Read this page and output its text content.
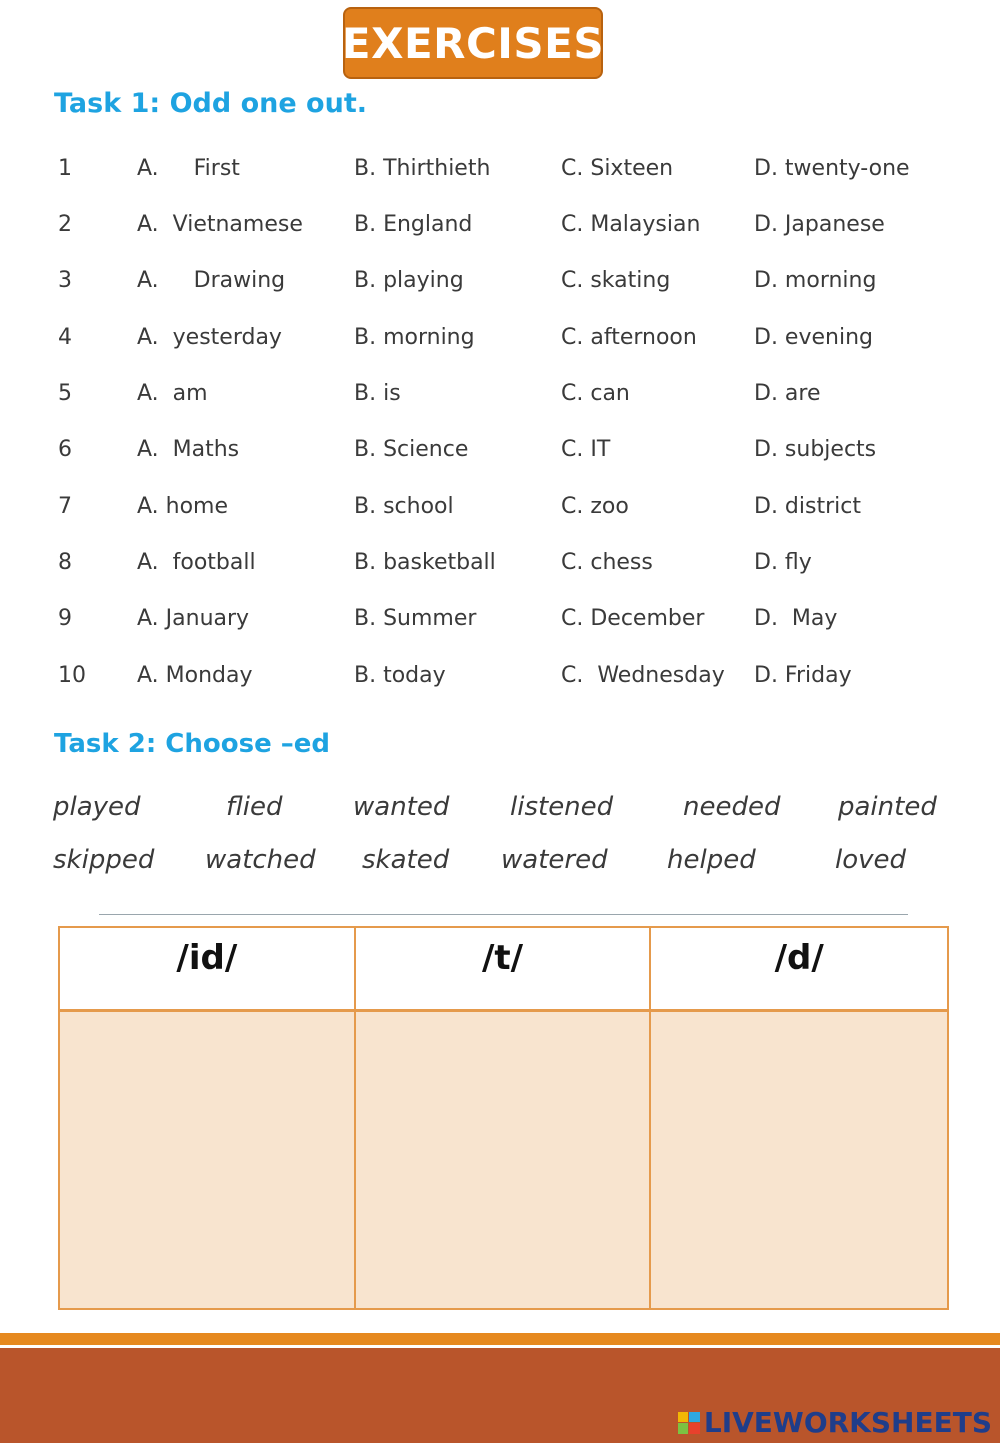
EXERCISES
Task 1: Odd one out.
1	A.     First	B. Thirthieth	C. Sixteen	D. twenty-one
2	A.  Vietnamese B. England	C. Malaysian D. Japanese
3	A.     Drawing	B. playing	C. skating	D. morning
4	A.  yesterday	B. morning	C. afternoon	D. evening
5	A.  am	B. is	C. can	D. are
6	A.  Maths	B. Science	C. IT	D. subjects
7	A. home	B. school	C. zoo	D. district
8	A.  football	B. basketball	C. chess	D. fly
9	A. January	B. Summer	C. December D.  May
10 A. Monday	B. today	C.  Wednesday D. Friday
Task 2: Choose –ed
played	flied	wanted listened	needed painted
skipped watched skated watered helped	loved
/id/	/t/	/d/
LIVEWORKSHEETS
